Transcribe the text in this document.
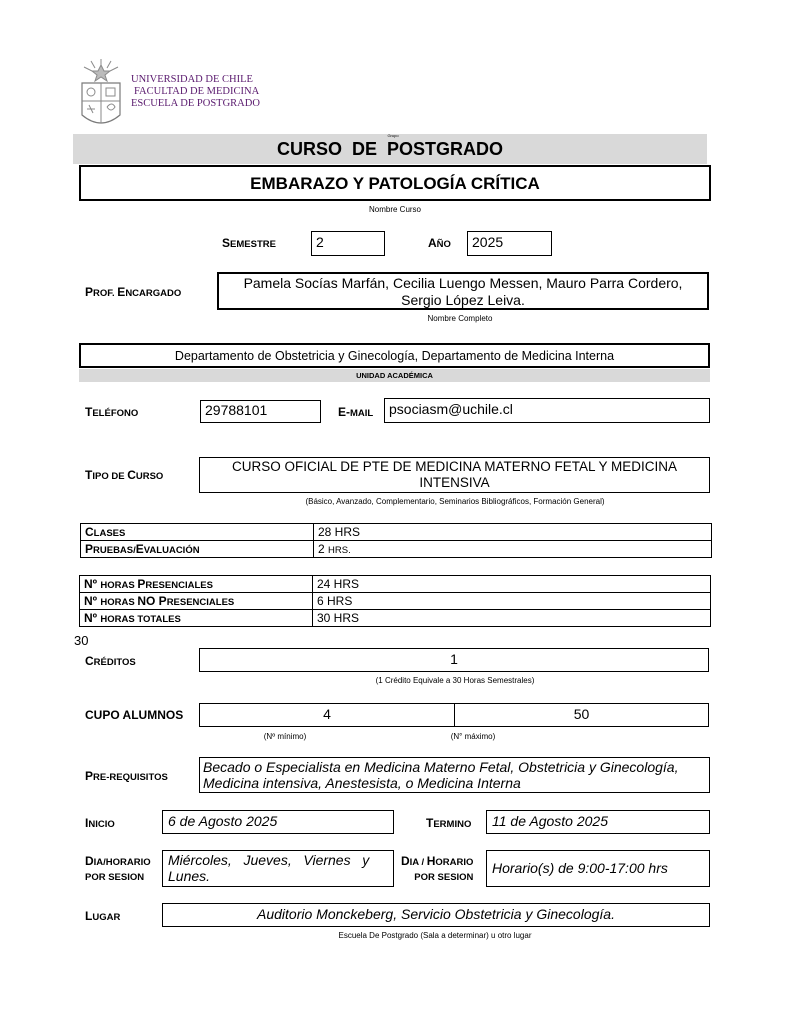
UNIVERSIDAD DE CHILE
FACULTAD DE MEDICINA
ESCUELA DE POSTGRADO
Grupo
CURSO  DE  POSTGRADO
EMBARAZO Y PATOLOGÍA CRÍTICA
Nombre Curso
SEMESTRE	2	AÑO	2025
PROF. ENCARGADO
Pamela Socías Marfán, Cecilia Luengo Messen, Mauro Parra Cordero, Sergio López Leiva.
Nombre Completo
Departamento de Obstetricia y Ginecología, Departamento de Medicina Interna
UNIDAD ACADÉMICA
TELÉFONO	29788101	E-MAIL	psociasm@uchile.cl
TIPO DE CURSO
CURSO OFICIAL DE PTE DE MEDICINA MATERNO FETAL Y MEDICINA INTENSIVA
(Básico, Avanzado, Complementario, Seminarios Bibliográficos, Formación General)
CLASES	28 HRS
PRUEBAS/EVALUACIÓN	2 HRS.
Nº HORAS PRESENCIALES	24 HRS
Nº HORAS NO PRESENCIALES	6 HRS
Nº HORAS TOTALES	30 HRS
30
CRÉDITOS	1
(1 Crédito Equivale a 30 Horas Semestrales)
CUPO ALUMNOS	4	50
(Nº mínimo)	(N° máximo)
PRE-REQUISITOS
Becado o Especialista en Medicina Materno Fetal, Obstetricia y Ginecología, Medicina intensiva, Anestesista, o Medicina Interna
INICIO	6 de Agosto 2025	TERMINO	11 de Agosto 2025
DIA/HORARIO
POR SESION
Miércoles,   Jueves,   Viernes   y   Lunes.
DIA / HORARIO
POR SESION
Horario(s) de 9:00-17:00 hrs
LUGAR	Auditorio Monckeberg, Servicio Obstetricia y Ginecología.
Escuela De Postgrado (Sala a determinar) u otro lugar
